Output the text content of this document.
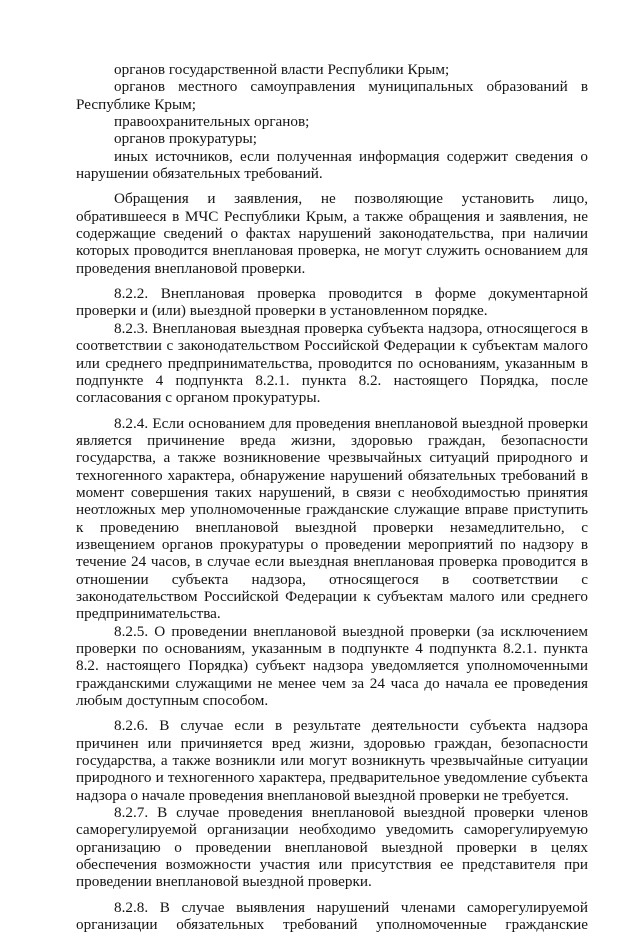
органов государственной власти Республики Крым;

органов местного самоуправления муниципальных образований в Республике Крым;

правоохранительных органов;

органов прокуратуры;

иных источников, если полученная информация содержит сведения о нарушении обязательных требований.

Обращения и заявления, не позволяющие установить лицо, обратившееся в МЧС Республики Крым, а также обращения и заявления, не содержащие сведений о фактах нарушений законодательства, при наличии которых проводится внеплановая проверка, не могут служить основанием для проведения внеплановой проверки.

8.2.2. Внеплановая проверка проводится в форме документарной проверки и (или) выездной проверки в установленном порядке.

8.2.3. Внеплановая выездная проверка субъекта надзора, относящегося в соответствии с законодательством Российской Федерации к субъектам малого или среднего предпринимательства, проводится по основаниям, указанным в подпункте 4 подпункта 8.2.1. пункта 8.2. настоящего Порядка, после согласования с органом прокуратуры.

8.2.4. Если основанием для проведения внеплановой выездной проверки является причинение вреда жизни, здоровью граждан, безопасности государства, а также возникновение чрезвычайных ситуаций природного и техногенного характера, обнаружение нарушений обязательных требований в момент совершения таких нарушений, в связи с необходимостью принятия неотложных мер уполномоченные гражданские служащие вправе приступить к проведению внеплановой выездной проверки незамедлительно, с извещением органов прокуратуры о проведении мероприятий по надзору в течение 24 часов, в случае если выездная внеплановая проверка проводится в отношении субъекта надзора, относящегося в соответствии с законодательством Российской Федерации к субъектам малого или среднего предпринимательства.

8.2.5. О проведении внеплановой выездной проверки (за исключением проверки по основаниям, указанным в подпункте 4 подпункта 8.2.1. пункта 8.2. настоящего Порядка) субъект надзора уведомляется уполномоченными гражданскими служащими не менее чем за 24 часа до начала ее проведения любым доступным способом.

8.2.6. В случае если в результате деятельности субъекта надзора причинен или причиняется вред жизни, здоровью граждан, безопасности государства, а также возникли или могут возникнуть чрезвычайные ситуации природного и техногенного характера, предварительное уведомление субъекта надзора о начале проведения внеплановой выездной проверки не требуется.

8.2.7. В случае проведения внеплановой выездной проверки членов саморегулируемой организации необходимо уведомить саморегулируемую организацию о проведении внеплановой выездной проверки в целях обеспечения возможности участия или присутствия ее представителя при проведении внеплановой выездной проверки.

8.2.8. В случае выявления нарушений членами саморегулируемой организации обязательных требований уполномоченные гражданские
